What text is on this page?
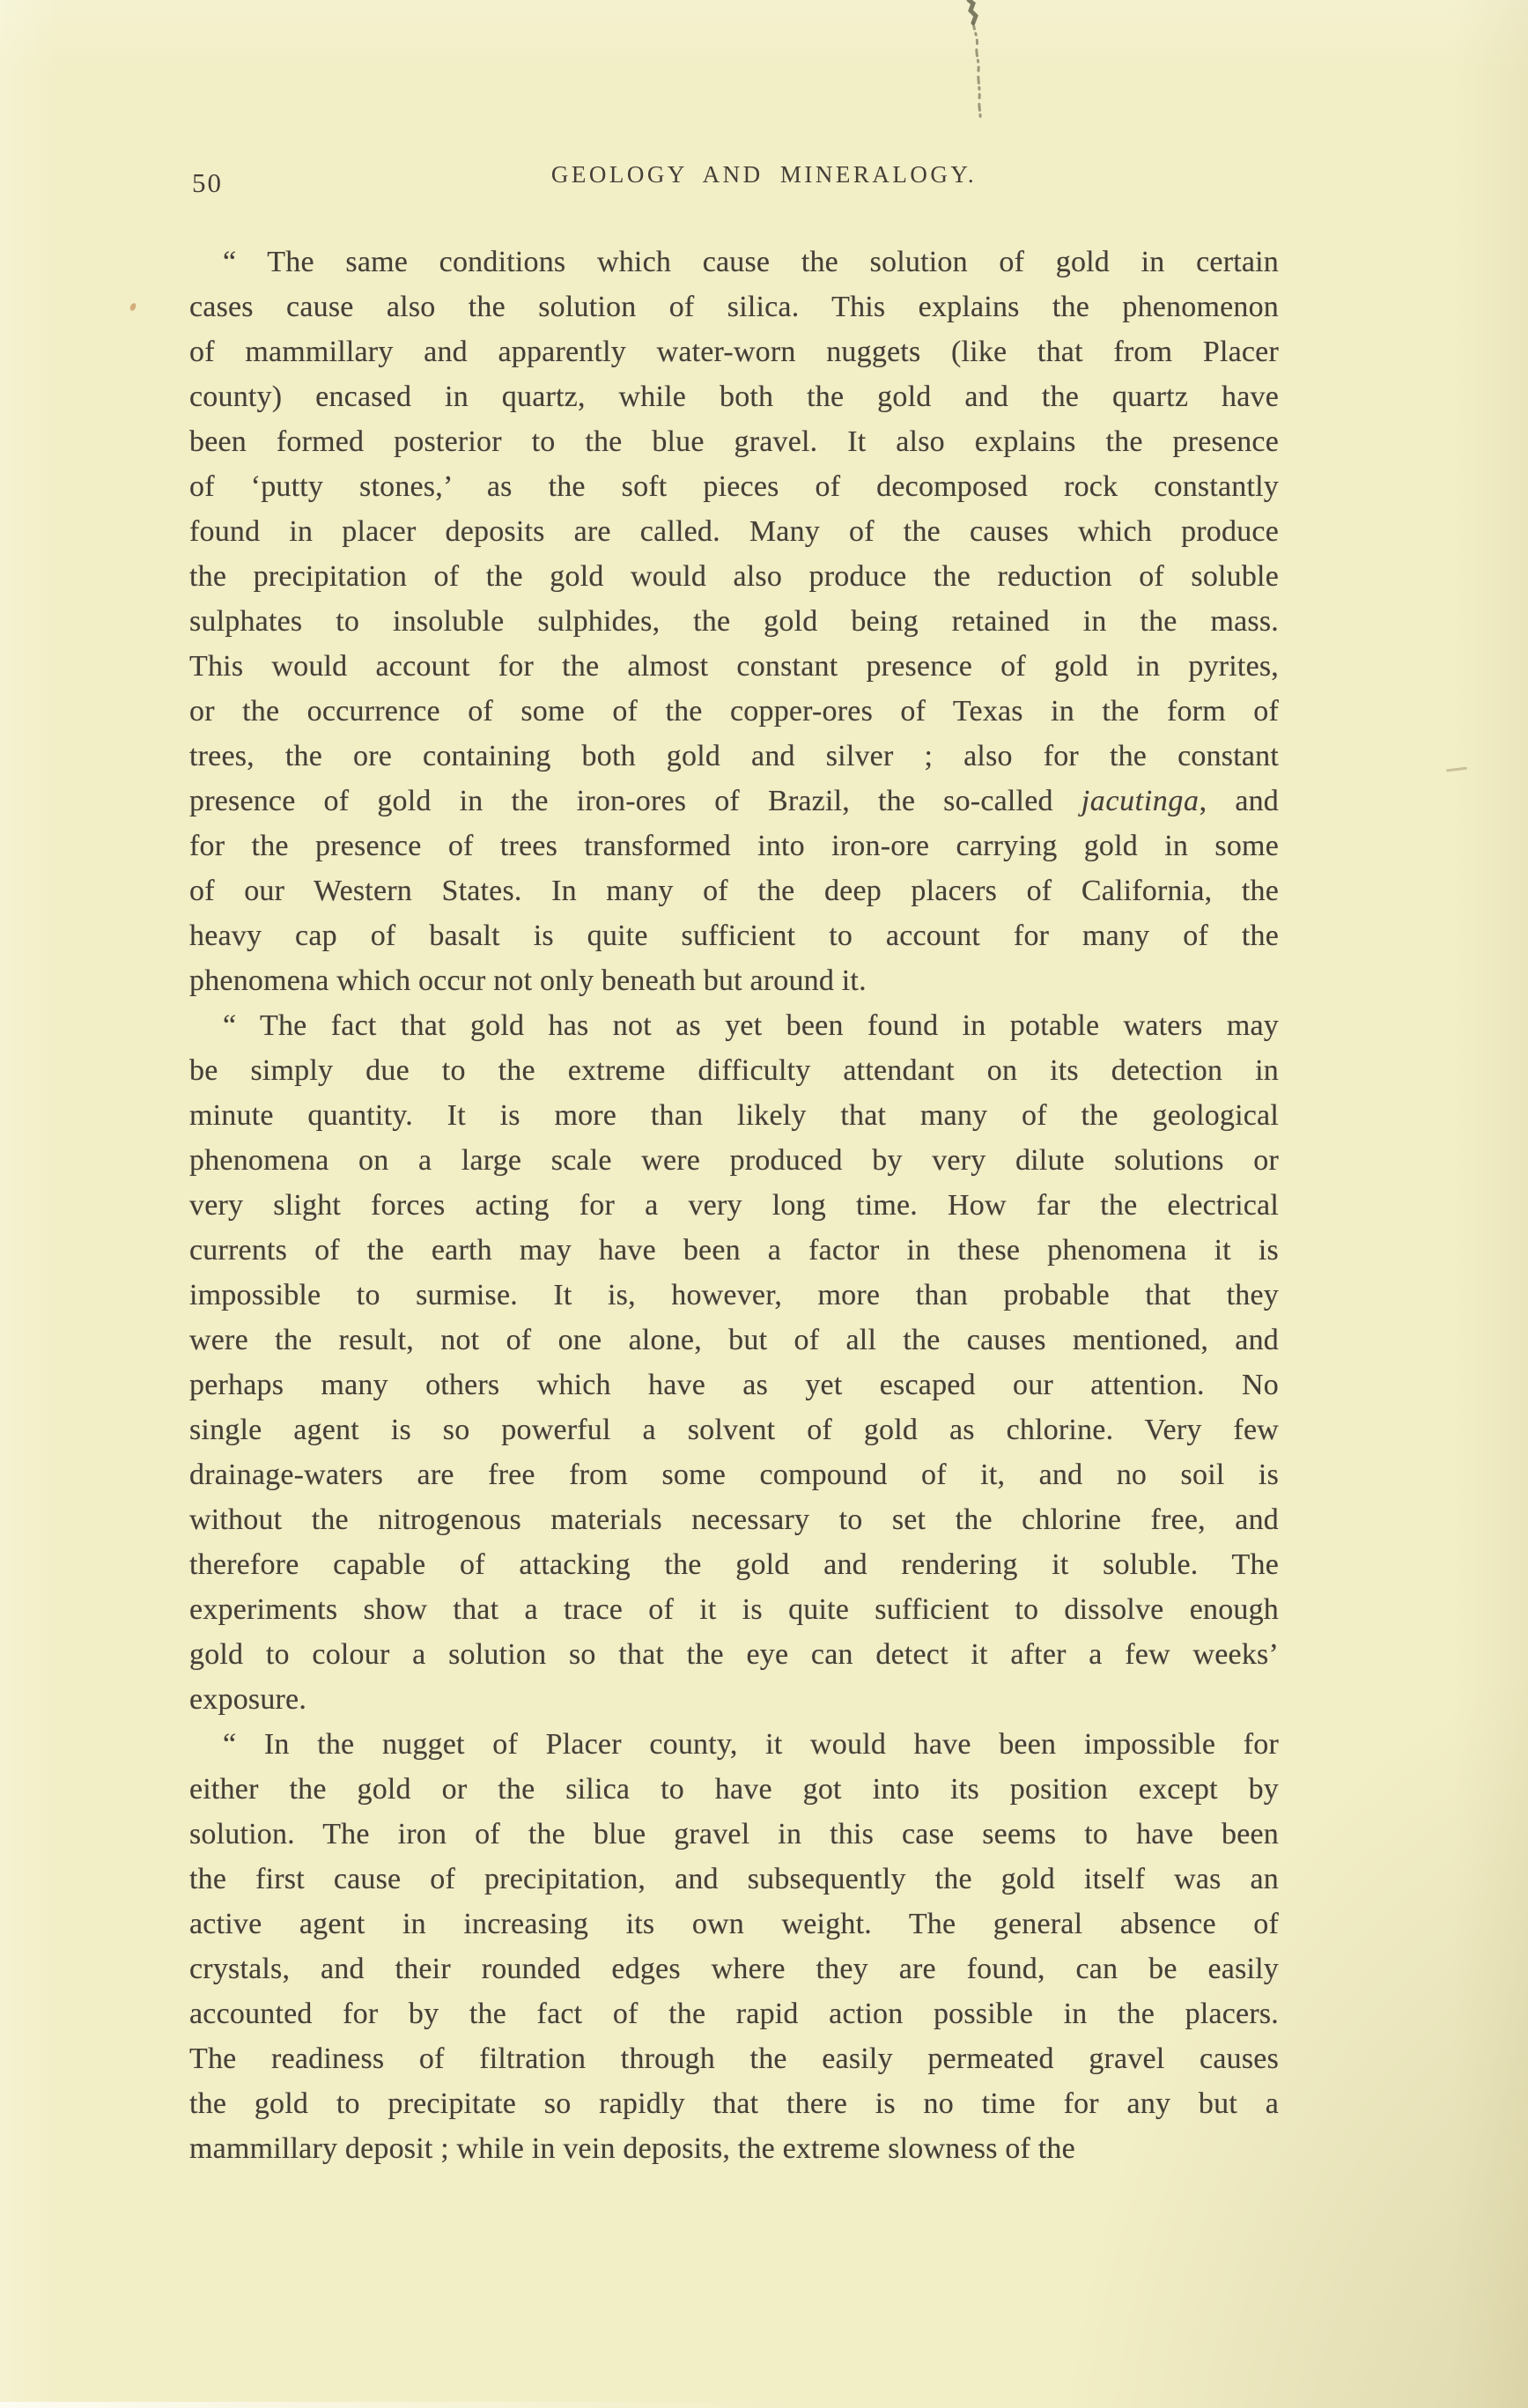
50	GEOLOGY AND MINERALOGY.
“ The same conditions which cause the solution of gold in certain
cases cause also the solution of silica. This explains the phenomenon
of mammillary and apparently water-worn nuggets (like that from Placer
county) encased in quartz, while both the gold and the quartz have
been formed posterior to the blue gravel. It also explains the presence
of ‘putty stones,’ as the soft pieces of decomposed rock constantly
found in placer deposits are called. Many of the causes which produce
the precipitation of the gold would also produce the reduction of soluble
sulphates to insoluble sulphides, the gold being retained in the mass.
This would account for the almost constant presence of gold in pyrites,
or the occurrence of some of the copper-ores of Texas in the form of
trees, the ore containing both gold and silver ; also for the constant
presence of gold in the iron-ores of Brazil, the so-called jacutinga, and
for the presence of trees transformed into iron-ore carrying gold in some
of our Western States. In many of the deep placers of California, the
heavy cap of basalt is quite sufficient to account for many of the
phenomena which occur not only beneath but around it.
“ The fact that gold has not as yet been found in potable waters may
be simply due to the extreme difficulty attendant on its detection in
minute quantity. It is more than likely that many of the geological
phenomena on a large scale were produced by very dilute solutions or
very slight forces acting for a very long time. How far the electrical
currents of the earth may have been a factor in these phenomena it is
impossible to surmise. It is, however, more than probable that they
were the result, not of one alone, but of all the causes mentioned, and
perhaps many others which have as yet escaped our attention. No
single agent is so powerful a solvent of gold as chlorine. Very few
drainage-waters are free from some compound of it, and no soil is
without the nitrogenous materials necessary to set the chlorine free, and
therefore capable of attacking the gold and rendering it soluble. The
experiments show that a trace of it is quite sufficient to dissolve enough
gold to colour a solution so that the eye can detect it after a few weeks’
exposure.
“ In the nugget of Placer county, it would have been impossible for
either the gold or the silica to have got into its position except by
solution. The iron of the blue gravel in this case seems to have been
the first cause of precipitation, and subsequently the gold itself was an
active agent in increasing its own weight. The general absence of
crystals, and their rounded edges where they are found, can be easily
accounted for by the fact of the rapid action possible in the placers.
The readiness of filtration through the easily permeated gravel causes
the gold to precipitate so rapidly that there is no time for any but a
mammillary deposit ; while in vein deposits, the extreme slowness of the
